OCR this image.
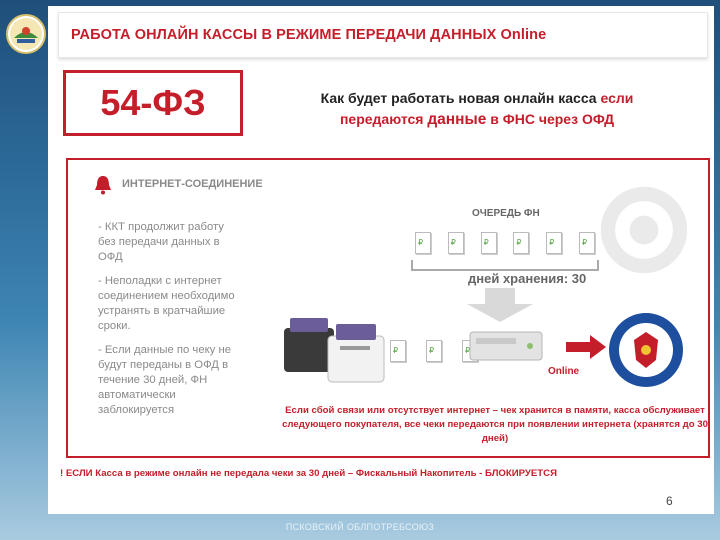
РАБОТА ОНЛАЙН КАССЫ В РЕЖИМЕ ПЕРЕДАЧИ ДАННЫХ Online
54-ФЗ	Как будет работать новая онлайн касса если
передаются данные в ФНС через ОФД
ИНТЕРНЕТ-СОЕДИНЕНИЕ

- ККТ продолжит работу
без передачи данных в
ОФД

- Неполадки с интернет
соединением необходимо
устранять в кратчайшие
сроки.

- Если данные по чеку не
будут переданы в ОФД в
течение 30 дней, ФН
автоматически
заблокируется

ОЧЕРЕДЬ ФН
₽
₽
₽
₽
₽
₽
дней хранения: 30
₽
₽
₽
Online
Если сбой связи или отсутствует интернет – чек хранится в памяти, касса обслуживает следующего покупателя, все чеки передаются при появлении интернета (хранятся до 30 дней)
! ЕСЛИ Касса в режиме онлайн не передала чеки за 30 дней – Фискальный Накопитель - БЛОКИРУЕТСЯ
6
ПСКОВСКИЙ ОБЛПОТРЕБСОЮЗ
